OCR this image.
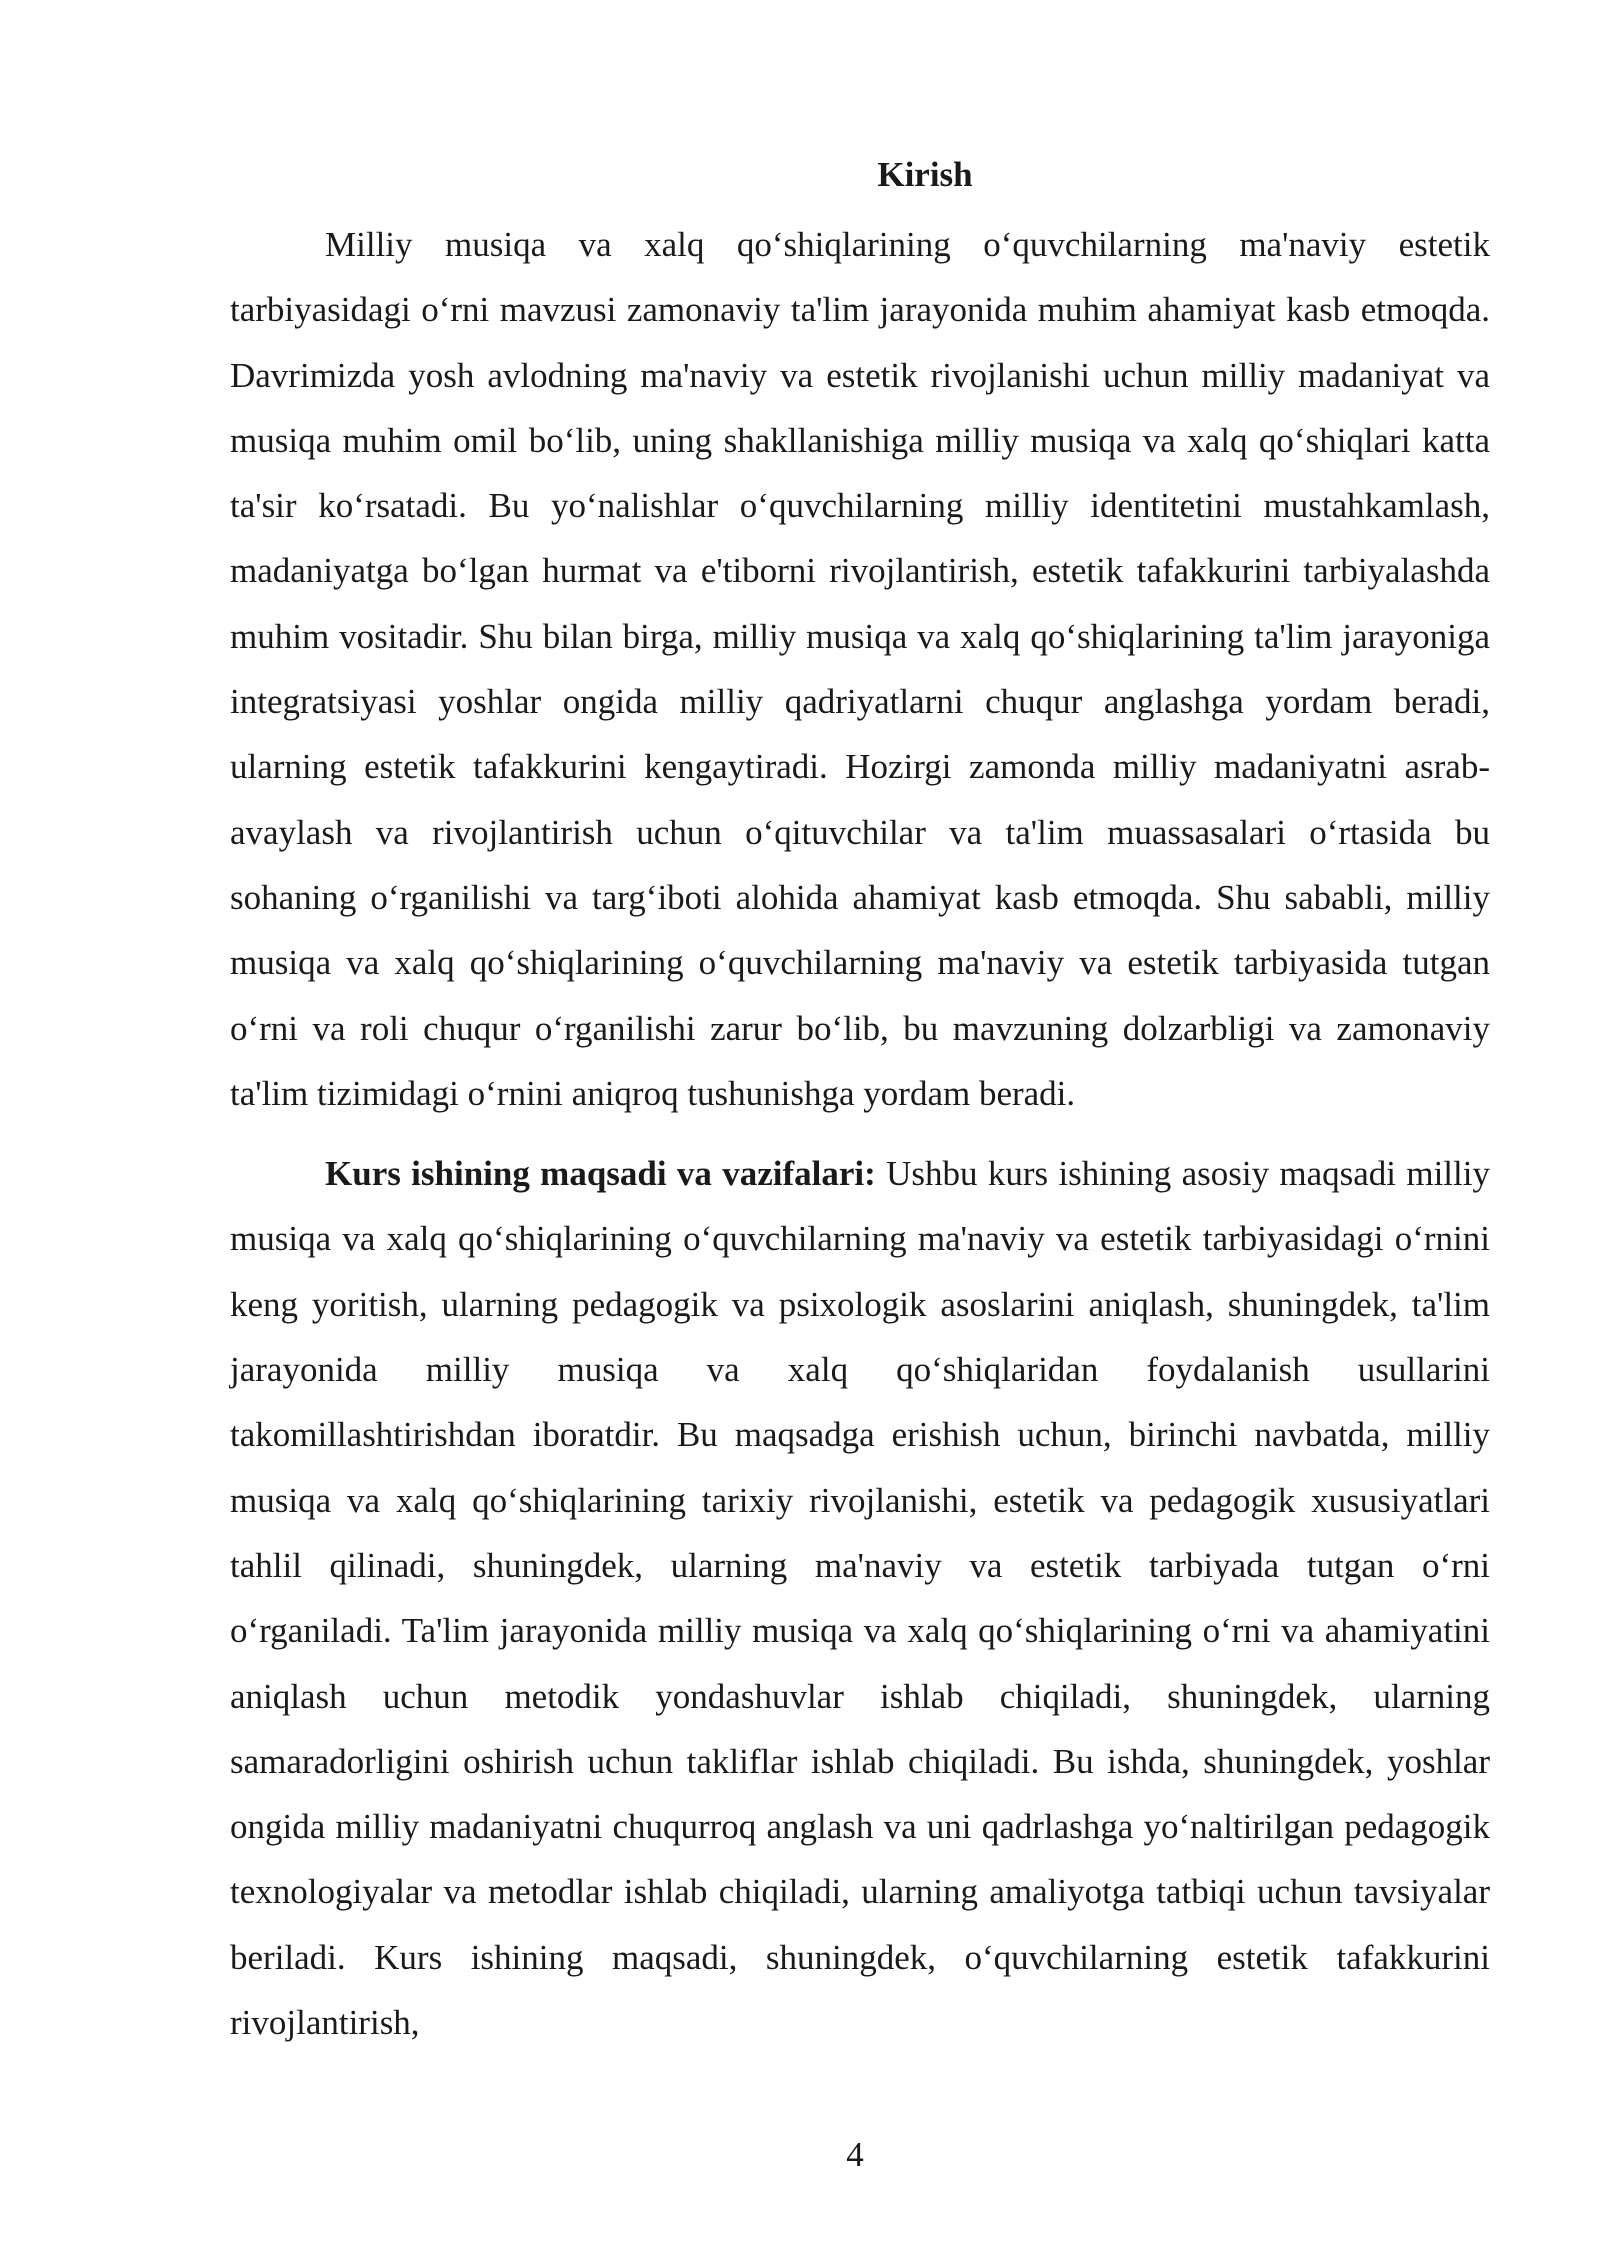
Kirish

Milliy musiqa va xalq qo‘shiqlarining o‘quvchilarning ma'naviy estetik tarbiyasidagi o‘rni mavzusi zamonaviy ta'lim jarayonida muhim ahamiyat kasb etmoqda. Davrimizda yosh avlodning ma'naviy va estetik rivojlanishi uchun milliy madaniyat va musiqa muhim omil bo‘lib, uning shakllanishiga milliy musiqa va xalq qo‘shiqlari katta ta'sir ko‘rsatadi. Bu yo‘nalishlar o‘quvchilarning milliy identitetini mustahkamlash, madaniyatga bo‘lgan hurmat va e'tiborni rivojlantirish, estetik tafakkurini tarbiyalashda muhim vositadir. Shu bilan birga, milliy musiqa va xalq qo‘shiqlarining ta'lim jarayoniga integratsiyasi yoshlar ongida milliy qadriyatlarni chuqur anglashga yordam beradi, ularning estetik tafakkurini kengaytiradi. Hozirgi zamonda milliy madaniyatni asrab-avaylash va rivojlantirish uchun o‘qituvchilar va ta'lim muassasalari o‘rtasida bu sohaning o‘rganilishi va targ‘iboti alohida ahamiyat kasb etmoqda. Shu sababli, milliy musiqa va xalq qo‘shiqlarining o‘quvchilarning ma'naviy va estetik tarbiyasida tutgan o‘rni va roli chuqur o‘rganilishi zarur bo‘lib, bu mavzuning dolzarbligi va zamonaviy ta'lim tizimidagi o‘rnini aniqroq tushunishga yordam beradi.

Kurs ishining maqsadi va vazifalari: Ushbu kurs ishining asosiy maqsadi milliy musiqa va xalq qo‘shiqlarining o‘quvchilarning ma'naviy va estetik tarbiyasidagi o‘rnini keng yoritish, ularning pedagogik va psixologik asoslarini aniqlash, shuningdek, ta'lim jarayonida milliy musiqa va xalq qo‘shiqlaridan foydalanish usullarini takomillashtirishdan iboratdir. Bu maqsadga erishish uchun, birinchi navbatda, milliy musiqa va xalq qo‘shiqlarining tarixiy rivojlanishi, estetik va pedagogik xususiyatlari tahlil qilinadi, shuningdek, ularning ma'naviy va estetik tarbiyada tutgan o‘rni o‘rganiladi. Ta'lim jarayonida milliy musiqa va xalq qo‘shiqlarining o‘rni va ahamiyatini aniqlash uchun metodik yondashuvlar ishlab chiqiladi, shuningdek, ularning samaradorligini oshirish uchun takliflar ishlab chiqiladi. Bu ishda, shuningdek, yoshlar ongida milliy madaniyatni chuqurroq anglash va uni qadrlashga yo‘naltirilgan pedagogik texnologiyalar va metodlar ishlab chiqiladi, ularning amaliyotga tatbiqi uchun tavsiyalar beriladi. Kurs ishining maqsadi, shuningdek, o‘quvchilarning estetik tafakkurini rivojlantirish,

4
